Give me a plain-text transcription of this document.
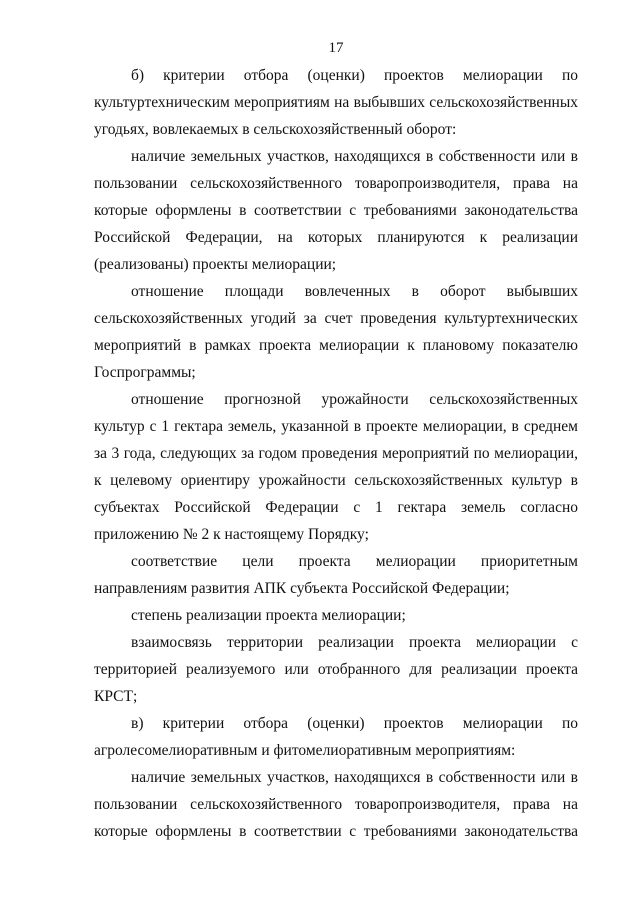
17

б) критерии отбора (оценки) проектов мелиорации по культуртехническим мероприятиям на выбывших сельскохозяйственных угодьях, вовлекаемых в сельскохозяйственный оборот:

наличие земельных участков, находящихся в собственности или в пользовании сельскохозяйственного товаропроизводителя, права на которые оформлены в соответствии с требованиями законодательства Российской Федерации, на которых планируются к реализации (реализованы) проекты мелиорации;

отношение площади вовлеченных в оборот выбывших сельскохозяйственных угодий за счет проведения культуртехнических мероприятий в рамках проекта мелиорации к плановому показателю Госпрограммы;

отношение прогнозной урожайности сельскохозяйственных культур с 1 гектара земель, указанной в проекте мелиорации, в среднем за 3 года, следующих за годом проведения мероприятий по мелиорации, к целевому ориентиру урожайности сельскохозяйственных культур в субъектах Российской Федерации с 1 гектара земель согласно приложению № 2 к настоящему Порядку;

соответствие цели проекта мелиорации приоритетным направлениям развития АПК субъекта Российской Федерации;

степень реализации проекта мелиорации;

взаимосвязь территории реализации проекта мелиорации с территорией реализуемого или отобранного для реализации проекта КРСТ;

в) критерии отбора (оценки) проектов мелиорации по агролесомелиоративным и фитомелиоративным мероприятиям:

наличие земельных участков, находящихся в собственности или в пользовании сельскохозяйственного товаропроизводителя, права на которые оформлены в соответствии с требованиями законодательства
